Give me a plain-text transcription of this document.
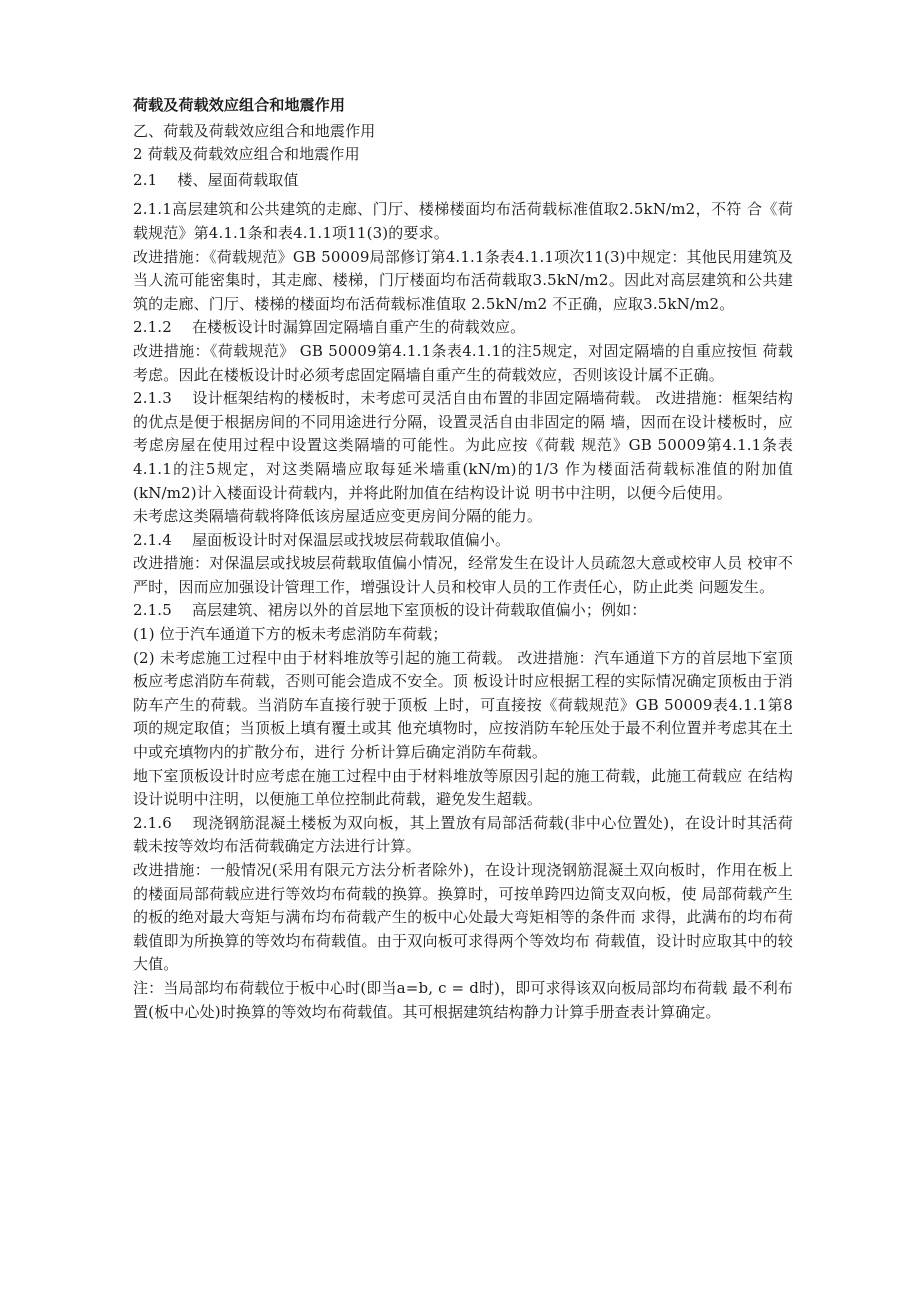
荷载及荷载效应组合和地震作用
乙、荷载及荷载效应组合和地震作用
2 荷载及荷载效应组合和地震作用
2.1　 楼、屋面荷载取值

2.1.1高层建筑和公共建筑的走廊、门厅、楼梯楼面均布活荷载标准值取2.5kN/m2，不符 合《荷载规范》第4.1.1条和表4.1.1项11(3)的要求。

改进措施：《荷载规范》GB 50009局部修订第4.1.1条表4.1.1项次11(3)中规定：其他民用建筑及当人流可能密集时，其走廊、楼梯，门厅楼面均布活荷载取3.5kN/m2。因此对高层建筑和公共建筑的走廊、门厅、楼梯的楼面均布活荷载标准值取 2.5kN/m2 不正确，应取3.5kN/m2。

2.1.2　 在楼板设计时漏算固定隔墙自重产生的荷载效应。

改进措施：《荷载规范》 GB 50009第4.1.1条表4.1.1的注5规定，对固定隔墙的自重应按恒 荷载考虑。因此在楼板设计时必须考虑固定隔墙自重产生的荷载效应，否则该设计属不正确。

2.1.3　 设计框架结构的楼板时，未考虑可灵活自由布置的非固定隔墙荷载。 改进措施：框架结构的优点是便于根据房间的不同用途进行分隔，设置灵活自由非固定的隔 墙，因而在设计楼板时，应考虑房屋在使用过程中设置这类隔墙的可能性。为此应按《荷载 规范》GB 50009第4.1.1条表4.1.1的注5规定，对这类隔墙应取每延米墙重(kN/m)的1/3 作为楼面活荷载标准值的附加值(kN/m2)计入楼面设计荷载内，并将此附加值在结构设计说 明书中注明，以便今后使用。

未考虑这类隔墙荷载将降低该房屋适应变更房间分隔的能力。

2.1.4　 屋面板设计时对保温层或找坡层荷载取值偏小。

改进措施：对保温层或找坡层荷载取值偏小情况，经常发生在设计人员疏忽大意或校审人员 校审不严时，因而应加强设计管理工作，增强设计人员和校审人员的工作责任心，防止此类 问题发生。

2.1.5　 高层建筑、裙房以外的首层地下室顶板的设计荷载取值偏小；例如：

(1) 位于汽车通道下方的板未考虑消防车荷载；

(2) 未考虑施工过程中由于材料堆放等引起的施工荷载。 改进措施：汽车通道下方的首层地下室顶板应考虑消防车荷载，否则可能会造成不安全。顶 板设计时应根据工程的实际情况确定顶板由于消防车产生的荷载。当消防车直接行驶于顶板 上时，可直接按《荷载规范》GB 50009表4.1.1第8项的规定取值；当顶板上填有覆土或其 他充填物时，应按消防车轮压处于最不利位置并考虑其在土中或充填物内的扩散分布，进行 分析计算后确定消防车荷载。

地下室顶板设计时应考虑在施工过程中由于材料堆放等原因引起的施工荷载，此施工荷载应 在结构设计说明中注明，以便施工单位控制此荷载，避免发生超载。

2.1.6　 现浇钢筋混凝土楼板为双向板，其上置放有局部活荷载(非中心位置处)，在设计时其活荷载未按等效均布活荷载确定方法进行计算。

改进措施：一般情况(采用有限元方法分析者除外)，在设计现浇钢筋混凝土双向板时，作用在板上的楼面局部荷载应进行等效均布荷载的换算。换算时，可按单跨四边简支双向板，使 局部荷载产生的板的绝对最大弯矩与满布均布荷载产生的板中心处最大弯矩相等的条件而 求得，此满布的均布荷载值即为所换算的等效均布荷载值。由于双向板可求得两个等效均布 荷载值，设计时应取其中的较大值。

注：当局部均布荷载位于板中心时(即当a=b, c = d时)，即可求得该双向板局部均布荷载 最不利布置(板中心处)时换算的等效均布荷载值。其可根据建筑结构静力计算手册查表计算确定。
